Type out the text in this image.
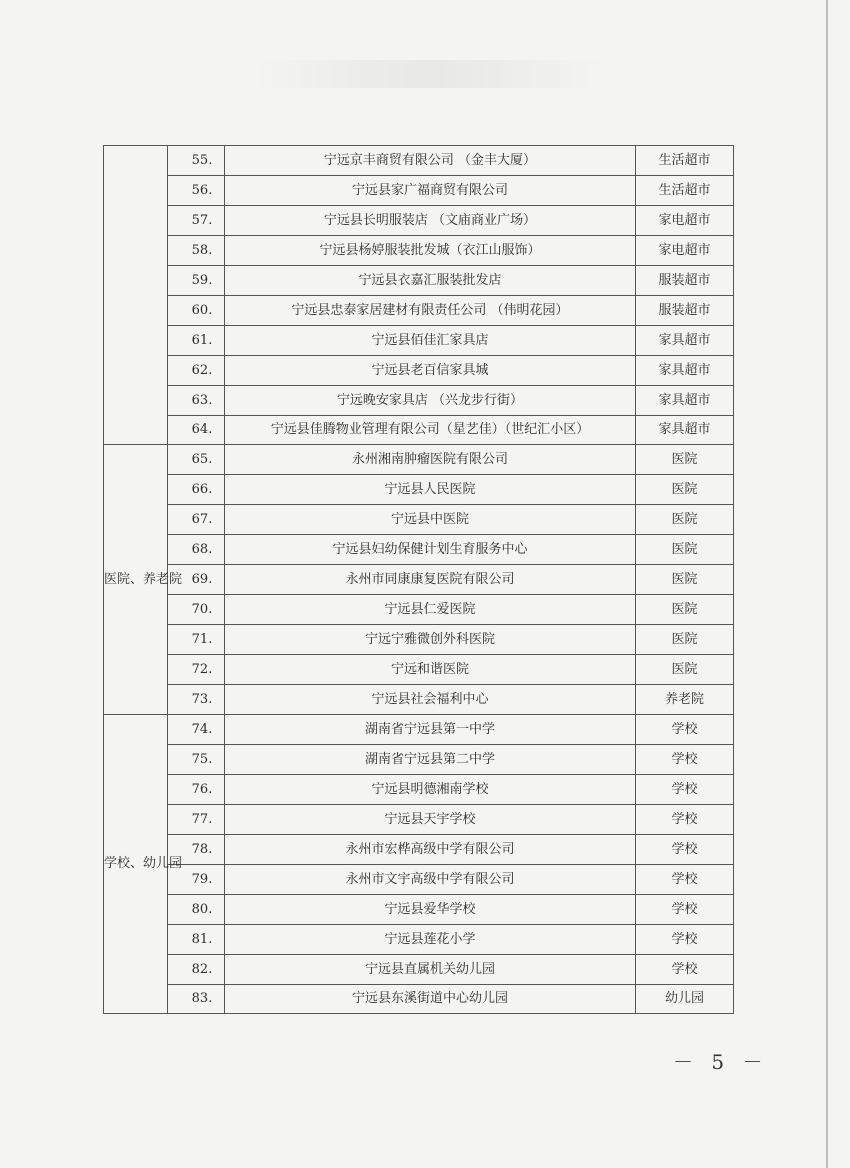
	55.	宁远京丰商贸有限公司 （金丰大厦）	生活超市
	56.	宁远县家广福商贸有限公司	生活超市
	57.	宁远县长明服装店 （文庙商业广场）	家电超市
	58.	宁远县杨婷服装批发城（衣江山服饰）	家电超市
	59.	宁远县衣嘉汇服装批发店	服装超市
	60.	宁远县忠泰家居建材有限责任公司 （伟明花园）	服装超市
	61.	宁远县佰佳汇家具店	家具超市
	62.	宁远县老百信家具城	家具超市
	63.	宁远晚安家具店 （兴龙步行街）	家具超市
	64.	宁远县佳腾物业管理有限公司（星艺佳）（世纪汇小区）	家具超市
医院、养老院	65.	永州湘南肿瘤医院有限公司	医院
	66.	宁远县人民医院	医院
	67.	宁远县中医院	医院
	68.	宁远县妇幼保健计划生育服务中心	医院
	69.	永州市同康康复医院有限公司	医院
	70.	宁远县仁爱医院	医院
	71.	宁远宁雅微创外科医院	医院
	72.	宁远和谐医院	医院
	73.	宁远县社会福利中心	养老院
学校、幼儿园	74.	湖南省宁远县第一中学	学校
	75.	湖南省宁远县第二中学	学校
	76.	宁远县明德湘南学校	学校
	77.	宁远县天宇学校	学校
	78.	永州市宏桦高级中学有限公司	学校
	79.	永州市文宇高级中学有限公司	学校
	80.	宁远县爱华学校	学校
	81.	宁远县莲花小学	学校
	82.	宁远县直属机关幼儿园	学校
	83.	宁远县东溪街道中心幼儿园	幼儿园
－ 5 －
